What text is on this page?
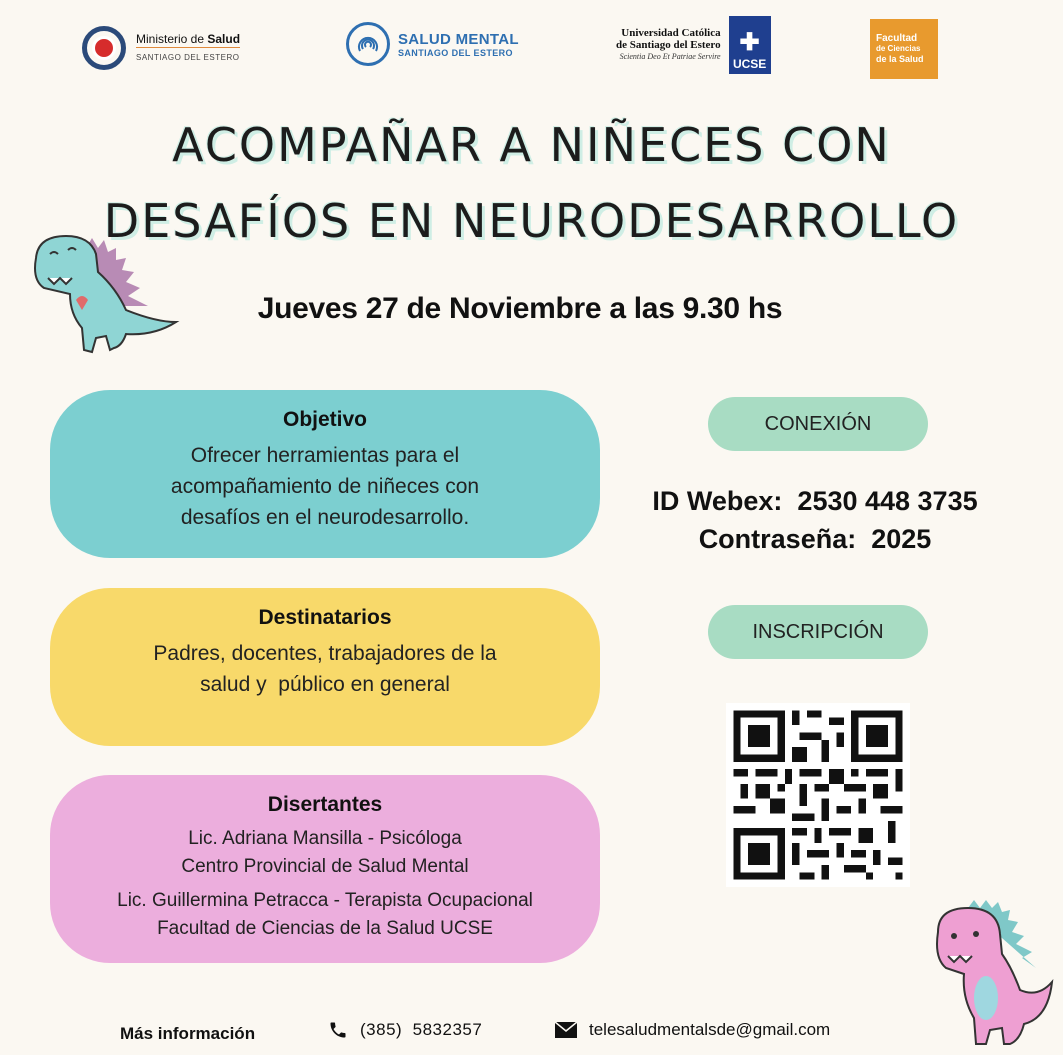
Ministerio de Salud
SANTIAGO DEL ESTERO
SALUD MENTAL
SANTIAGO DEL ESTERO
Universidad Católica
de Santiago del Estero
Scientia Deo Et Patriae Servire
✚
UCSE
Facultad
de Ciencias
de la Salud
ACOMPAÑAR A NIÑECES CON
DESAFÍOS EN NEURODESARROLLO
Jueves 27 de Noviembre a las 9.30 hs
Objetivo
Ofrecer herramientas para el
acompañamiento de niñeces con
desafíos en el neurodesarrollo.
Destinatarios
Padres, docentes, trabajadores de la
salud y  público en general
Disertantes
Lic. Adriana Mansilla - Psicóloga
Centro Provincial de Salud Mental
Lic. Guillermina Petracca - Terapista Ocupacional
Facultad de Ciencias de la Salud UCSE
CONEXIÓN
ID Webex:  2530 448 3735
Contraseña:  2025
INSCRIPCIÓN
Más información	(385)  5832357	telesaludmentalsde@gmail.com
